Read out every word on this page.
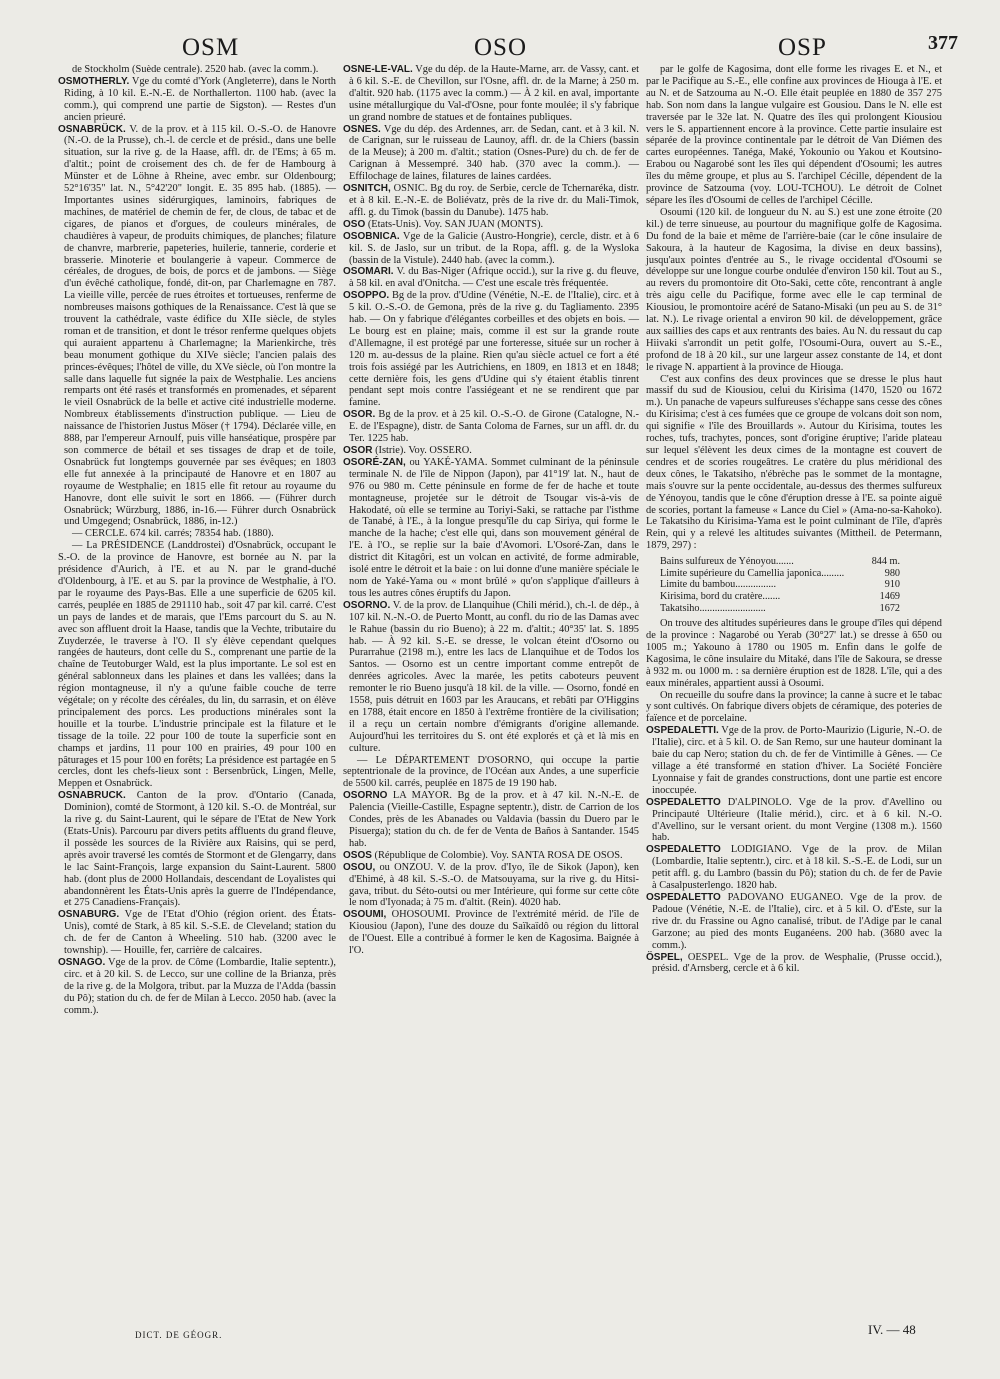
OSM	OSO	OSP	377

de Stockholm (Suède centrale). 2520 hab. (avec la comm.).

OSMOTHERLY. Vge du comté d'York (Angleterre), dans le North Riding, à 10 kil. E.-N.-E. de Northallerton. 1100 hab. (avec la comm.), qui comprend une partie de Sigston). — Restes d'un ancien prieuré.

OSNABRÜCK. V. de la prov. et à 115 kil. O.-S.-O. de Hanovre (N.-O. de la Prusse), ch.-l. de cercle et de présid., dans une belle situation, sur la rive g. de la Haase, affl. dr. de l'Ems; à 65 m. d'altit.; point de croisement des ch. de fer de Hambourg à Münster et de Löhne à Rheine, avec embr. sur Oldenbourg; 52°16'35" lat. N., 5°42'20" longit. E. 35 895 hab. (1885). — Importantes usines sidérurgiques, laminoirs, fabriques de machines, de matériel de chemin de fer, de clous, de tabac et de cigares, de pianos et d'orgues, de couleurs minérales, de chaudières à vapeur, de produits chimiques, de planches; filature de chanvre, marbrerie, papeteries, huilerie, tannerie, corderie et brasserie. Minoterie et boulangerie à vapeur. Commerce de céréales, de drogues, de bois, de porcs et de jambons. — Siège d'un évêché catholique, fondé, dit-on, par Charlemagne en 787. La vieille ville, percée de rues étroites et tortueuses, renferme de nombreuses maisons gothiques de la Renaissance. C'est là que se trouvent la cathédrale, vaste édifice du XIIe siècle, de styles roman et de transition, et dont le trésor renferme quelques objets qui auraient appartenu à Charlemagne; la Marienkirche, très beau monument gothique du XIVe siècle; l'ancien palais des princes-évêques; l'hôtel de ville, du XVe siècle, où l'on montre la salle dans laquelle fut signée la paix de Westphalie. Les anciens remparts ont été rasés et transformés en promenades, et séparent le vieil Osnabrück de la belle et active cité industrielle moderne. Nombreux établissements d'instruction publique. — Lieu de naissance de l'historien Justus Möser († 1794). Déclarée ville, en 888, par l'empereur Arnoulf, puis ville hanséatique, prospère par son commerce de bétail et ses tissages de drap et de toile, Osnabrück fut longtemps gouvernée par ses évêques; en 1803 elle fut annexée à la principauté de Hanovre et en 1807 au royaume de Westphalie; en 1815 elle fit retour au royaume du Hanovre, dont elle suivit le sort en 1866. — (Führer durch Osnabrück; Würzburg, 1886, in-16.— Führer durch Osnabrück und Umgegend; Osnabrück, 1886, in-12.)

— CERCLE. 674 kil. carrés; 78354 hab. (1880).

— La PRÉSIDENCE (Landdrostei) d'Osnabrück, occupant le S.-O. de la province de Hanovre, est bornée au N. par la présidence d'Aurich, à l'E. et au N. par le grand-duché d'Oldenbourg, à l'E. et au S. par la province de Westphalie, à l'O. par le royaume des Pays-Bas. Elle a une superficie de 6205 kil. carrés, peuplée en 1885 de 291110 hab., soit 47 par kil. carré. C'est un pays de landes et de marais, que l'Ems parcourt du S. au N. avec son affluent droit la Haase, tandis que la Vechte, tributaire du Zuyderzée, le traverse à l'O. Il s'y élève cependant quelques rangées de hauteurs, dont celle du S., comprenant une partie de la chaîne de Teutoburger Wald, est la plus importante. Le sol est en général sablonneux dans les plaines et dans les vallées; dans la région montagneuse, il n'y a qu'une faible couche de terre végétale; on y récolte des céréales, du lin, du sarrasin, et on élève principalement des porcs. Les productions minérales sont la houille et la tourbe. L'industrie principale est la filature et le tissage de la toile. 22 pour 100 de toute la superficie sont en champs et jardins, 11 pour 100 en prairies, 49 pour 100 en pâturages et 15 pour 100 en forêts; La présidence est partagée en 5 cercles, dont les chefs-lieux sont : Bersenbrück, Lingen, Melle, Meppen et Osnabrück.

OSNABRUCK. Canton de la prov. d'Ontario (Canada, Dominion), comté de Stormont, à 120 kil. S.-O. de Montréal, sur la rive g. du Saint-Laurent, qui le sépare de l'Etat de New York (Etats-Unis). Parcouru par divers petits affluents du grand fleuve, il possède les sources de la Rivière aux Raisins, qui se perd, après avoir traversé les comtés de Stormont et de Glengarry, dans le lac Saint-François, large expansion du Saint-Laurent. 5800 hab. (dont plus de 2000 Hollandais, descendant de Loyalistes qui abandonnèrent les États-Unis après la guerre de l'Indépendance, et 275 Canadiens-Français).

OSNABURG. Vge de l'Etat d'Ohio (région orient. des États-Unis), comté de Stark, à 85 kil. S.-S.E. de Cleveland; station du ch. de fer de Canton à Wheeling. 510 hab. (3200 avec le township). — Houille, fer, carrière de calcaires.

OSNAGO. Vge de la prov. de Côme (Lombardie, Italie septentr.), circ. et à 20 kil. S. de Lecco, sur une colline de la Brianza, près de la rive g. de la Molgora, tribut. par la Muzza de l'Adda (bassin du Pô); station du ch. de fer de Milan à Lecco. 2050 hab. (avec la comm.).

OSNE-LE-VAL. Vge du dép. de la Haute-Marne, arr. de Vassy, cant. et à 6 kil. S.-E. de Chevillon, sur l'Osne, affl. dr. de la Marne; à 250 m. d'altit. 920 hab. (1175 avec la comm.) — À 2 kil. en aval, importante usine métallurgique du Val-d'Osne, pour fonte moulée; il s'y fabrique un grand nombre de statues et de fontaines publiques.

OSNES. Vge du dép. des Ardennes, arr. de Sedan, cant. et à 3 kil. N. de Carignan, sur le ruisseau de Launoy, affl. dr. de la Chiers (bassin de la Meuse); à 200 m. d'altit.; station (Osnes-Pure) du ch. de fer de Carignan à Messempré. 340 hab. (370 avec la comm.). — Effilochage de laines, filatures de laines cardées.

OSNITCH, OSNIC. Bg du roy. de Serbie, cercle de Tchernaréka, distr. et à 8 kil. E.-N.-E. de Boliévatz, près de la rive dr. du Mali-Timok, affl. g. du Timok (bassin du Danube). 1475 hab.

OSO (Etats-Unis). Voy. SAN JUAN (MONTS).

OSOBNICA. Vge de la Galicie (Austro-Hongrie), cercle, distr. et à 6 kil. S. de Jaslo, sur un tribut. de la Ropa, affl. g. de la Wysloka (bassin de la Vistule). 2440 hab. (avec la comm.).

OSOMARI. V. du Bas-Niger (Afrique occid.), sur la rive g. du fleuve, à 58 kil. en aval d'Onitcha. — C'est une escale très fréquentée.

OSOPPO. Bg de la prov. d'Udine (Vénétie, N.-E. de l'Italie), circ. et à 5 kil. O.-S.-O. de Gemona, près de la rive g. du Tagliamento. 2395 hab. — On y fabrique d'élégantes corbeilles et des objets en bois. — Le bourg est en plaine; mais, comme il est sur la grande route d'Allemagne, il est protégé par une forteresse, située sur un rocher à 120 m. au-dessus de la plaine. Rien qu'au siècle actuel ce fort a été trois fois assiégé par les Autrichiens, en 1809, en 1813 et en 1848; cette dernière fois, les gens d'Udine qui s'y étaient établis tinrent pendant sept mois contre l'assiégeant et ne se rendirent que par famine.

OSOR. Bg de la prov. et à 25 kil. O.-S.-O. de Girone (Catalogne, N.-E. de l'Espagne), distr. de Santa Coloma de Farnes, sur un affl. dr. du Ter. 1225 hab.

OSOR (Istrie). Voy. OSSERO.

OSORÉ-ZAN, ou YAKÉ-YAMA. Sommet culminant de la péninsule terminale N. de l'île de Nippon (Japon), par 41°19' lat. N., haut de 976 ou 980 m. Cette péninsule en forme de fer de hache et toute montagneuse, projetée sur le détroit de Tsougar vis-à-vis de Hakodaté, où elle se termine au Toriyi-Saki, se rattache par l'isthme de Tanabé, à l'E., à la longue presqu'île du cap Siriya, qui forme le manche de la hache; c'est elle qui, dans son mouvement général de l'E. à l'O., se replie sur la baie d'Avomori. L'Osoré-Zan, dans le district dit Kitagôri, est un volcan en activité, de forme admirable, isolé entre le détroit et la baie : on lui donne d'une manière spéciale le nom de Yaké-Yama ou « mont brûlé » qu'on s'applique d'ailleurs à tous les autres cônes éruptifs du Japon.

OSORNO. V. de la prov. de Llanquihue (Chili mérid.), ch.-l. de dép., à 107 kil. N.-N.-O. de Puerto Montt, au confl. du rio de las Damas avec le Rahue (bassin du rio Bueno); à 22 m. d'altit.; 40°35' lat. S. 1895 hab. — À 92 kil. S.-E. se dresse, le volcan éteint d'Osorno ou Purarrahue (2198 m.), entre les lacs de Llanquihue et de Todos los Santos. — Osorno est un centre important comme entrepôt de denrées agricoles. Avec la marée, les petits caboteurs peuvent remonter le rio Bueno jusqu'à 18 kil. de la ville. — Osorno, fondé en 1558, puis détruit en 1603 par les Araucans, et rebâti par O'Higgins en 1788, était encore en 1850 à l'extrême frontière de la civilisation; il a reçu un certain nombre d'émigrants d'origine allemande. Aujourd'hui les territoires du S. ont été explorés et çà et là mis en culture.

— Le DÉPARTEMENT D'OSORNO, qui occupe la partie septentrionale de la province, de l'Océan aux Andes, a une superficie de 5500 kil. carrés, peuplée en 1875 de 19 190 hab.

OSORNO LA MAYOR. Bg de la prov. et à 47 kil. N.-N.-E. de Palencia (Vieille-Castille, Espagne septentr.), distr. de Carrion de los Condes, près de les Abanades ou Valdavia (bassin du Duero par le Pisuerga); station du ch. de fer de Venta de Baños à Santander. 1545 hab.

OSOS (République de Colombie). Voy. SANTA ROSA DE OSOS.

OSOU, ou ONZOU. V. de la prov. d'Iyo, île de Sikok (Japon), ken d'Ehimé, à 48 kil. S.-S.-O. de Matsouyama, sur la rive g. du Hitsi-gava, tribut. du Séto-outsi ou mer Intérieure, qui forme sur cette côte le nom d'Iyonada; à 75 m. d'altit. (Rein). 4020 hab.

OSOUMI, OHOSOUMI. Province de l'extrémité mérid. de l'île de Kiousiou (Japon), l'une des douze du Saïkaïdô ou région du littoral de l'Ouest. Elle a contribué à former le ken de Kagosima. Baignée à l'O.

par le golfe de Kagosima, dont elle forme les rivages E. et N., et par le Pacifique au S.-E., elle confine aux provinces de Hiouga à l'E. et au N. et de Satzouma au N.-O. Elle était peuplée en 1880 de 357 275 hab. Son nom dans la langue vulgaire est Gousiou. Dans le N. elle est traversée par le 32e lat. N. Quatre des îles qui prolongent Kiousiou vers le S. appartiennent encore à la province. Cette partie insulaire est séparée de la province continentale par le détroit de Van Diémen des cartes européennes. Tanéga, Maké, Yokounio ou Yakou et Koutsino-Erabou ou Nagarobé sont les îles qui dépendent d'Osoumi; les autres îles du même groupe, et plus au S. l'archipel Cécille, dépendent de la province de Satzouma (voy. LOU-TCHOU). Le détroit de Colnet sépare les îles d'Osoumi de celles de l'archipel Cécille.

Osoumi (120 kil. de longueur du N. au S.) est une zone étroite (20 kil.) de terre sinueuse, au pourtour du magnifique golfe de Kagosima. Du fond de la baie et même de l'arrière-baie (car le cône insulaire de Sakoura, à la hauteur de Kagosima, la divise en deux bassins), jusqu'aux pointes d'entrée au S., le rivage occidental d'Osoumi se développe sur une longue courbe ondulée d'environ 150 kil. Tout au S., au revers du promontoire dit Oto-Saki, cette côte, rencontrant à angle très aigu celle du Pacifique, forme avec elle le cap terminal de Kiousiou, le promontoire acéré de Satano-Misaki (un peu au S. de 31° lat. N.). Le rivage oriental a environ 90 kil. de développement, grâce aux saillies des caps et aux rentrants des baies. Au N. du ressaut du cap Hiivaki s'arrondit un petit golfe, l'Osoumi-Oura, ouvert au S.-E., profond de 18 à 20 kil., sur une largeur assez constante de 14, et dont le rivage N. appartient à la province de Hiouga.

C'est aux confins des deux provinces que se dresse le plus haut massif du sud de Kiousiou, celui du Kirisima (1470, 1520 ou 1672 m.). Un panache de vapeurs sulfureuses s'échappe sans cesse des cônes du Kirisima; c'est à ces fumées que ce groupe de volcans doit son nom, qui signifie « l'île des Brouillards ». Autour du Kirisima, toutes les roches, tufs, trachytes, ponces, sont d'origine éruptive; l'aride plateau sur lequel s'élèvent les deux cimes de la montagne est couvert de cendres et de scories rougeâtres. Le cratère du plus méridional des deux cônes, le Takatsiho, n'ébrèche pas le sommet de la montagne, mais s'ouvre sur la pente occidentale, au-dessus des thermes sulfureux de Yénoyou, tandis que le cône d'éruption dresse à l'E. sa pointe aiguë de scories, portant la fameuse « Lance du Ciel » (Ama-no-sa-Kahoko). Le Takatsiho du Kirisima-Yama est le point culminant de l'île, d'après Rein, qui y a relevé les altitudes suivantes (Mittheil. de Petermann, 1879, 297) :

Bains sulfureux de Yénoyou.......	844 m.
Limite supérieure du Camellia japonica.........	980
Limite du bambou................	910
Kirisima, bord du cratère.......	1469
Takatsiho..........................	1672

On trouve des altitudes supérieures dans le groupe d'îles qui dépend de la province : Nagarobé ou Yerab (30°27' lat.) se dresse à 650 ou 1005 m.; Yakouno à 1780 ou 1905 m. Enfin dans le golfe de Kagosima, le cône insulaire du Mitaké, dans l'île de Sakoura, se dresse à 932 m. ou 1000 m. : sa dernière éruption est de 1828. L'île, qui a des eaux minérales, appartient aussi à Osoumi.

On recueille du soufre dans la province; la canne à sucre et le tabac y sont cultivés. On fabrique divers objets de céramique, des poteries de faïence et de porcelaine.

OSPEDALETTI. Vge de la prov. de Porto-Maurizio (Ligurie, N.-O. de l'Italie), circ. et à 5 kil. O. de San Remo, sur une hauteur dominant la baie du cap Nero; station du ch. de fer de Vintimille à Gênes. — Ce village a été transformé en station d'hiver. La Société Foncière Lyonnaise y fait de grandes constructions, dont une partie est encore inoccupée.

OSPEDALETTO D'ALPINOLO. Vge de la prov. d'Avellino ou Principauté Ultérieure (Italie mérid.), circ. et à 6 kil. N.-O. d'Avellino, sur le versant orient. du mont Vergine (1308 m.). 1560 hab.

OSPEDALETTO LODIGIANO. Vge de la prov. de Milan (Lombardie, Italie septentr.), circ. et à 18 kil. S.-S.-E. de Lodi, sur un petit affl. g. du Lambro (bassin du Pô); station du ch. de fer de Pavie à Casalpusterlengo. 1820 hab.

OSPEDALETTO PADOVANO EUGANEO. Vge de la prov. de Padoue (Vénétie, N.-E. de l'Italie), circ. et à 5 kil. O. d'Este, sur la rive dr. du Frassine ou Agno canalisé, tribut. de l'Adige par le canal Garzone; au pied des monts Euganéens. 200 hab. (3680 avec la comm.).

ÖSPEL, OESPEL. Vge de la prov. de Wesphalie, (Prusse occid.), présid. d'Arnsberg, cercle et à 6 kil.

DICT. DE GÉOGR.	IV. — 48
